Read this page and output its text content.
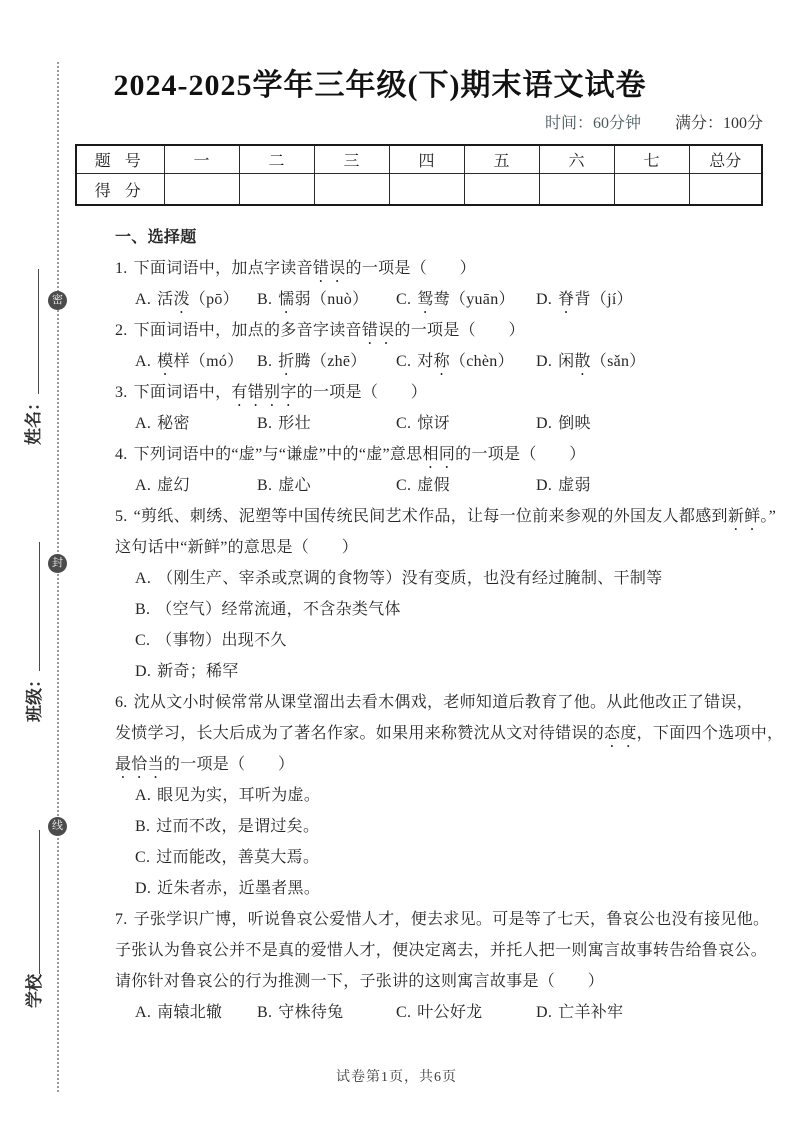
密
封
线
姓名：
班级：
学校
2024-2025学年三年级(下)期末语文试卷
时间：60分钟 满分：100分
题 号	一	二	三	四	五	六	七	总分
得 分								
一、选择题
1. 下面词语中，加点字读音错误的一项是（　　）
A. 活泼（pō）	B. 懦弱（nuò）	C. 鸳鸯（yuān）	D. 脊背（jí）
2. 下面词语中，加点的多音字读音错误的一项是（　　）
A. 模样（mó） B. 折腾（zhē）	C. 对称（chèn）	D. 闲散（sǎn）
3. 下面词语中，有错别字的一项是（　　）
A. 秘密	B. 形壮	C. 惊讶	D. 倒映
4. 下列词语中的“虚”与“谦虚”中的“虚”意思相同的一项是（　　）
A. 虚幻	B. 虚心	C. 虚假	D. 虚弱
5. “剪纸、刺绣、泥塑等中国传统民间艺术作品，让每一位前来参观的外国友人都感到新鲜。”
这句话中“新鲜”的意思是（　　）
A. （刚生产、宰杀或烹调的食物等）没有变质，也没有经过腌制、干制等
B. （空气）经常流通，不含杂类气体
C. （事物）出现不久
D. 新奇；稀罕
6. 沈从文小时候常常从课堂溜出去看木偶戏，老师知道后教育了他。从此他改正了错误，
发愤学习，长大后成为了著名作家。如果用来称赞沈从文对待错误的态度，下面四个选项中，
最恰当的一项是（　　）
A. 眼见为实，耳听为虚。
B. 过而不改，是谓过矣。
C. 过而能改，善莫大焉。
D. 近朱者赤，近墨者黑。
7. 子张学识广博，听说鲁哀公爱惜人才，便去求见。可是等了七天，鲁哀公也没有接见他。
子张认为鲁哀公并不是真的爱惜人才，便决定离去，并托人把一则寓言故事转告给鲁哀公。
请你针对鲁哀公的行为推测一下，子张讲的这则寓言故事是（　　）
A. 南辕北辙	B. 守株待兔	C. 叶公好龙	D. 亡羊补牢
试卷第1页，共6页
